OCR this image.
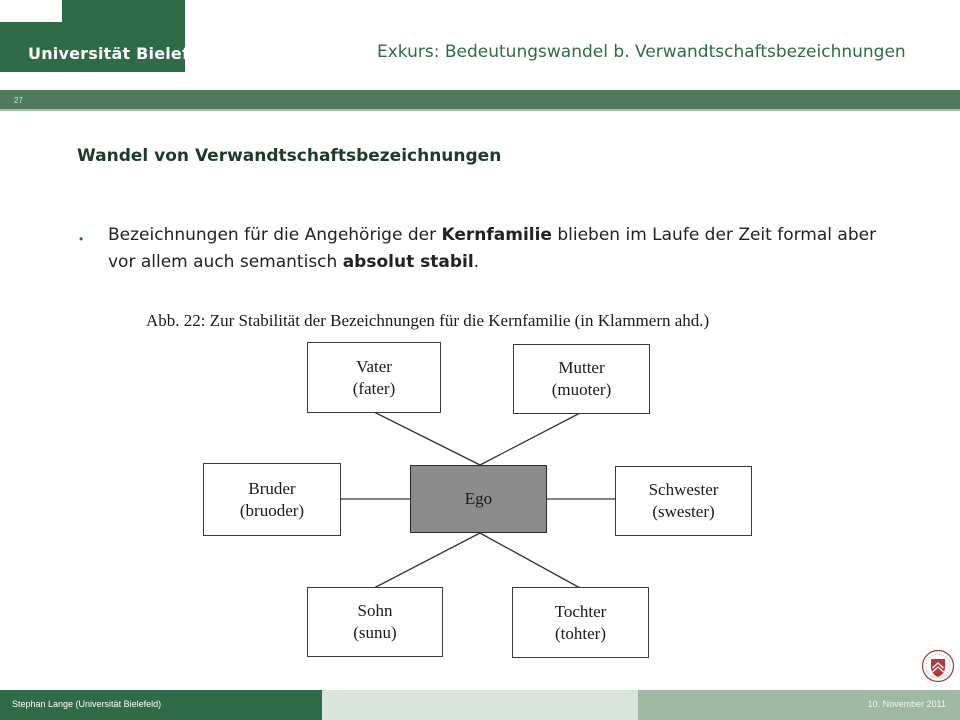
Universität Bielefeld	Exkurs: Bedeutungswandel b. Verwandtschaftsbezeichnungen
27
Wandel von Verwandtschaftsbezeichnungen
• Bezeichnungen für die Angehörige der Kernfamilie blieben im Laufe der Zeit formal aber vor allem auch semantisch absolut stabil.
Abb. 22: Zur Stabilität der Bezeichnungen für die Kernfamilie (in Klammern ahd.)
Vater
(fater)
Mutter
(muoter)
Bruder
(bruoder)
Ego	Schwester
(swester)
Sohn
(sunu)
Tochter
(tohter)
Stephan Lange (Universität Bielefeld)	10. November 2011
